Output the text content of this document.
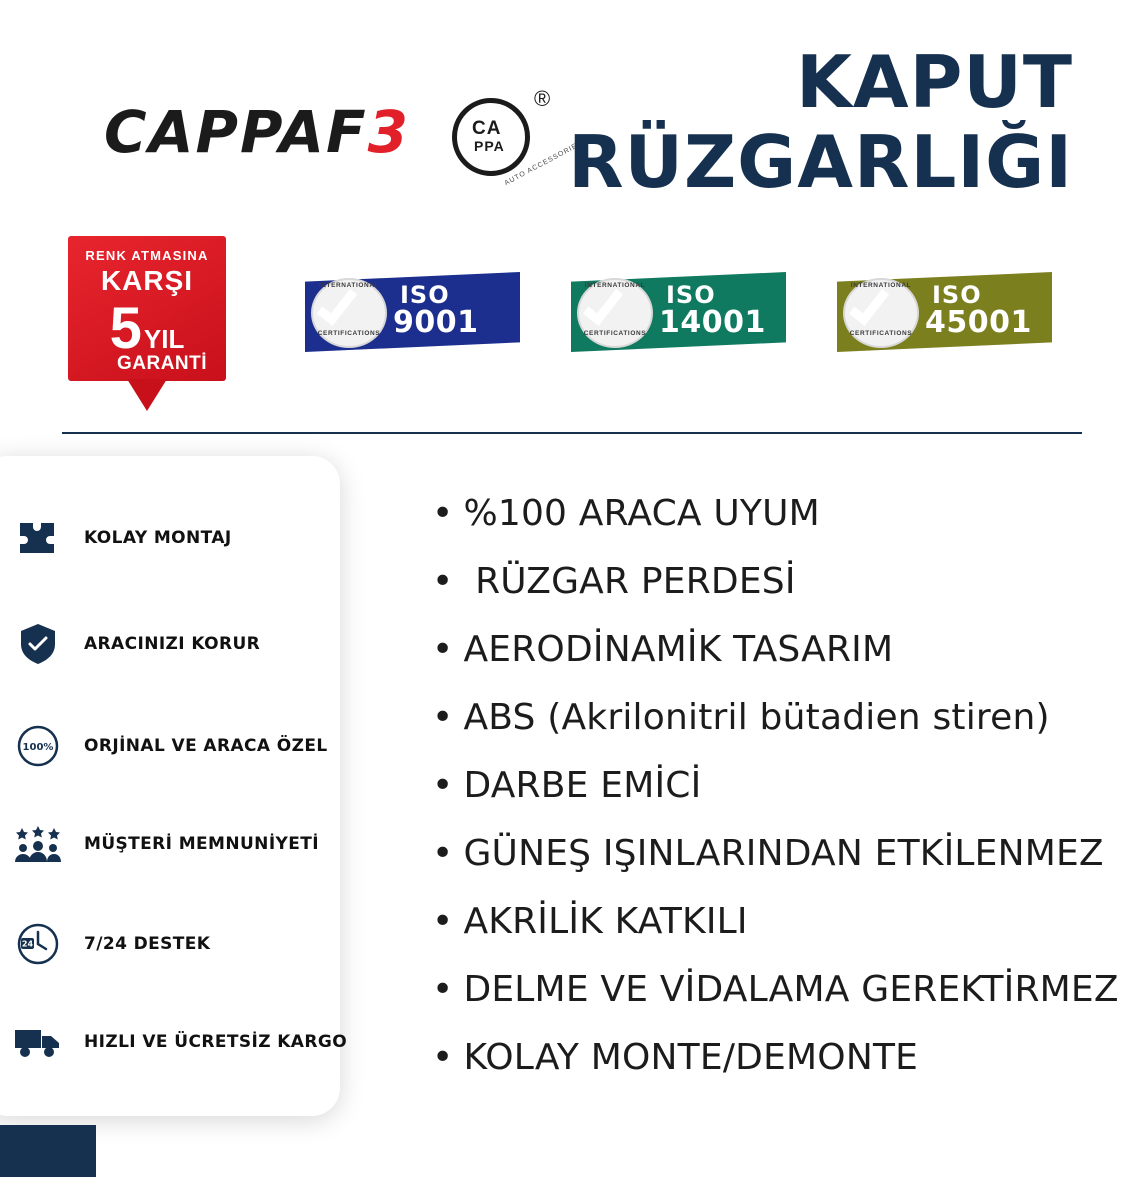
CAPPAF3	CA
PPA
®
AUTO ACCESSORIES
KAPUT
RÜZGARLIĞI
RENK ATMASINA
KARŞI
5 YIL
GARANTİ
INTERNATIONAL
CERTIFICATIONS
ISO
9001
INTERNATIONAL
CERTIFICATIONS
ISO
14001
INTERNATIONAL
CERTIFICATIONS
ISO
45001
KOLAY MONTAJ
ARACINIZI KORUR
100% ORJİNAL VE ARACA ÖZEL
MÜŞTERİ MEMNUNİYETİ
24	7/24 DESTEK
HIZLI VE ÜCRETSİZ KARGO
• %100 ARACA UYUM
• RÜZGAR PERDESİ
• AERODİNAMİK TASARIM
• ABS (Akrilonitril bütadien stiren)
• DARBE EMİCİ
• GÜNEŞ IŞINLARINDAN ETKİLENMEZ
• AKRİLİK KATKILI
• DELME VE VİDALAMA GEREKTİRMEZ
• KOLAY MONTE/DEMONTE
